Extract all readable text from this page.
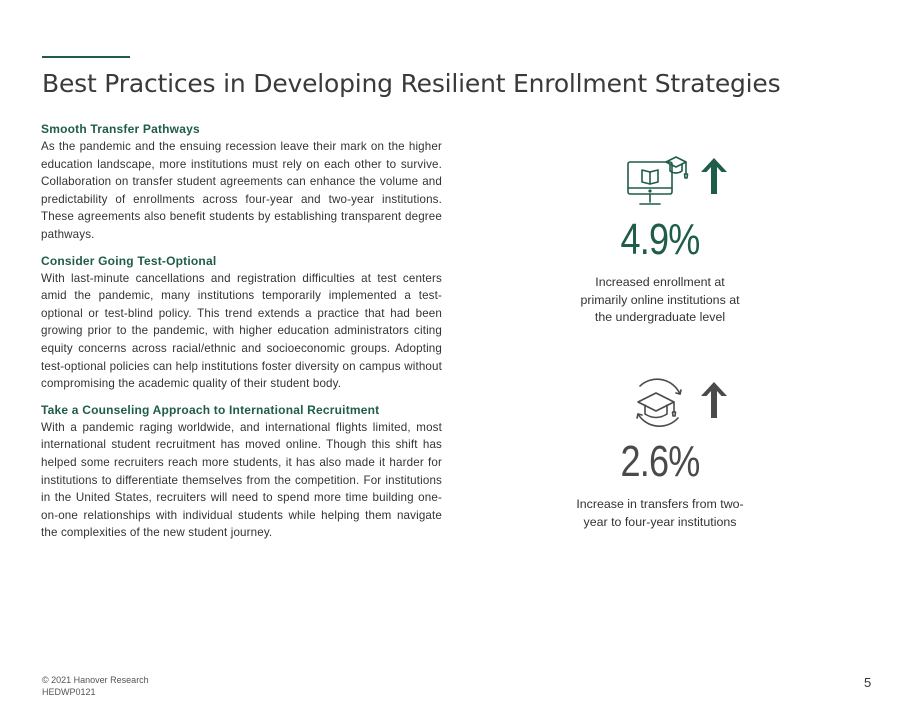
Best Practices in Developing Resilient Enrollment Strategies
Smooth Transfer Pathways

As the pandemic and the ensuing recession leave their mark on the higher education landscape, more institutions must rely on each other to survive. Collaboration on transfer student agreements can enhance the volume and predictability of enrollments across four-year and two-year institutions. These agreements also benefit students by establishing transparent degree pathways.

Consider Going Test-Optional

With last-minute cancellations and registration difficulties at test centers amid the pandemic, many institutions temporarily implemented a test-optional or test-blind policy. This trend extends a practice that had been growing prior to the pandemic, with higher education administrators citing equity concerns across racial/ethnic and socioeconomic groups. Adopting test-optional policies can help institutions foster diversity on campus without compromising the academic quality of their student body.

Take a Counseling Approach to International Recruitment

With a pandemic raging worldwide, and international flights limited, most international student recruitment has moved online. Though this shift has helped some recruiters reach more students, it has also made it harder for institutions to differentiate themselves from the competition. For institutions in the United States, recruiters will need to spend more time building one-on-one relationships with individual students while helping them navigate the complexities of the new student journey.

4.9%
Increased enrollment at primarily online institutions at the undergraduate level
2.6%
Increase in transfers from two-year to four-year institutions
© 2021 Hanover Research
HEDWP0121
5
